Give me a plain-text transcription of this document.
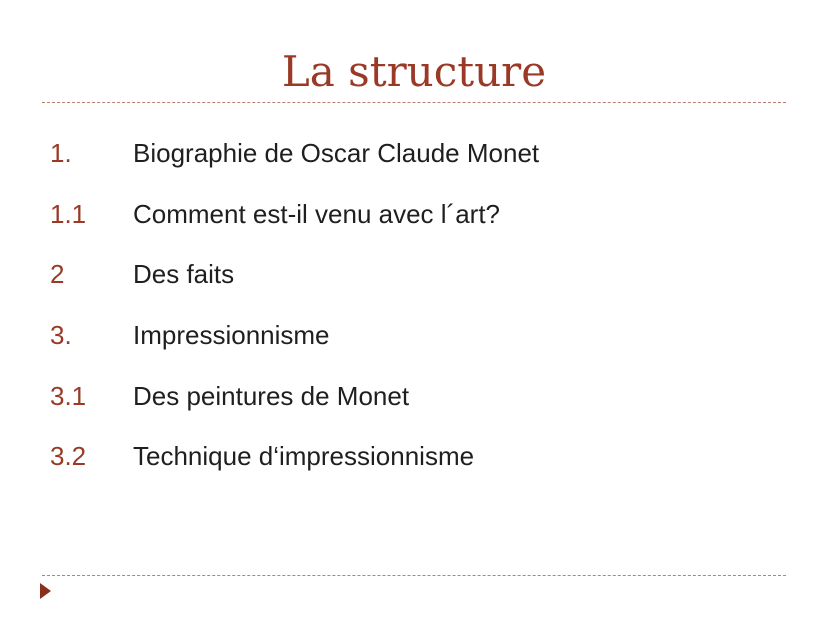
La structure
1. Biographie de Oscar Claude Monet
1.1 Comment est-il venu avec l´art?
2	Des faits
3. Impressionnisme
3.1 Des peintures de Monet
3.2 Technique d‘impressionnisme
